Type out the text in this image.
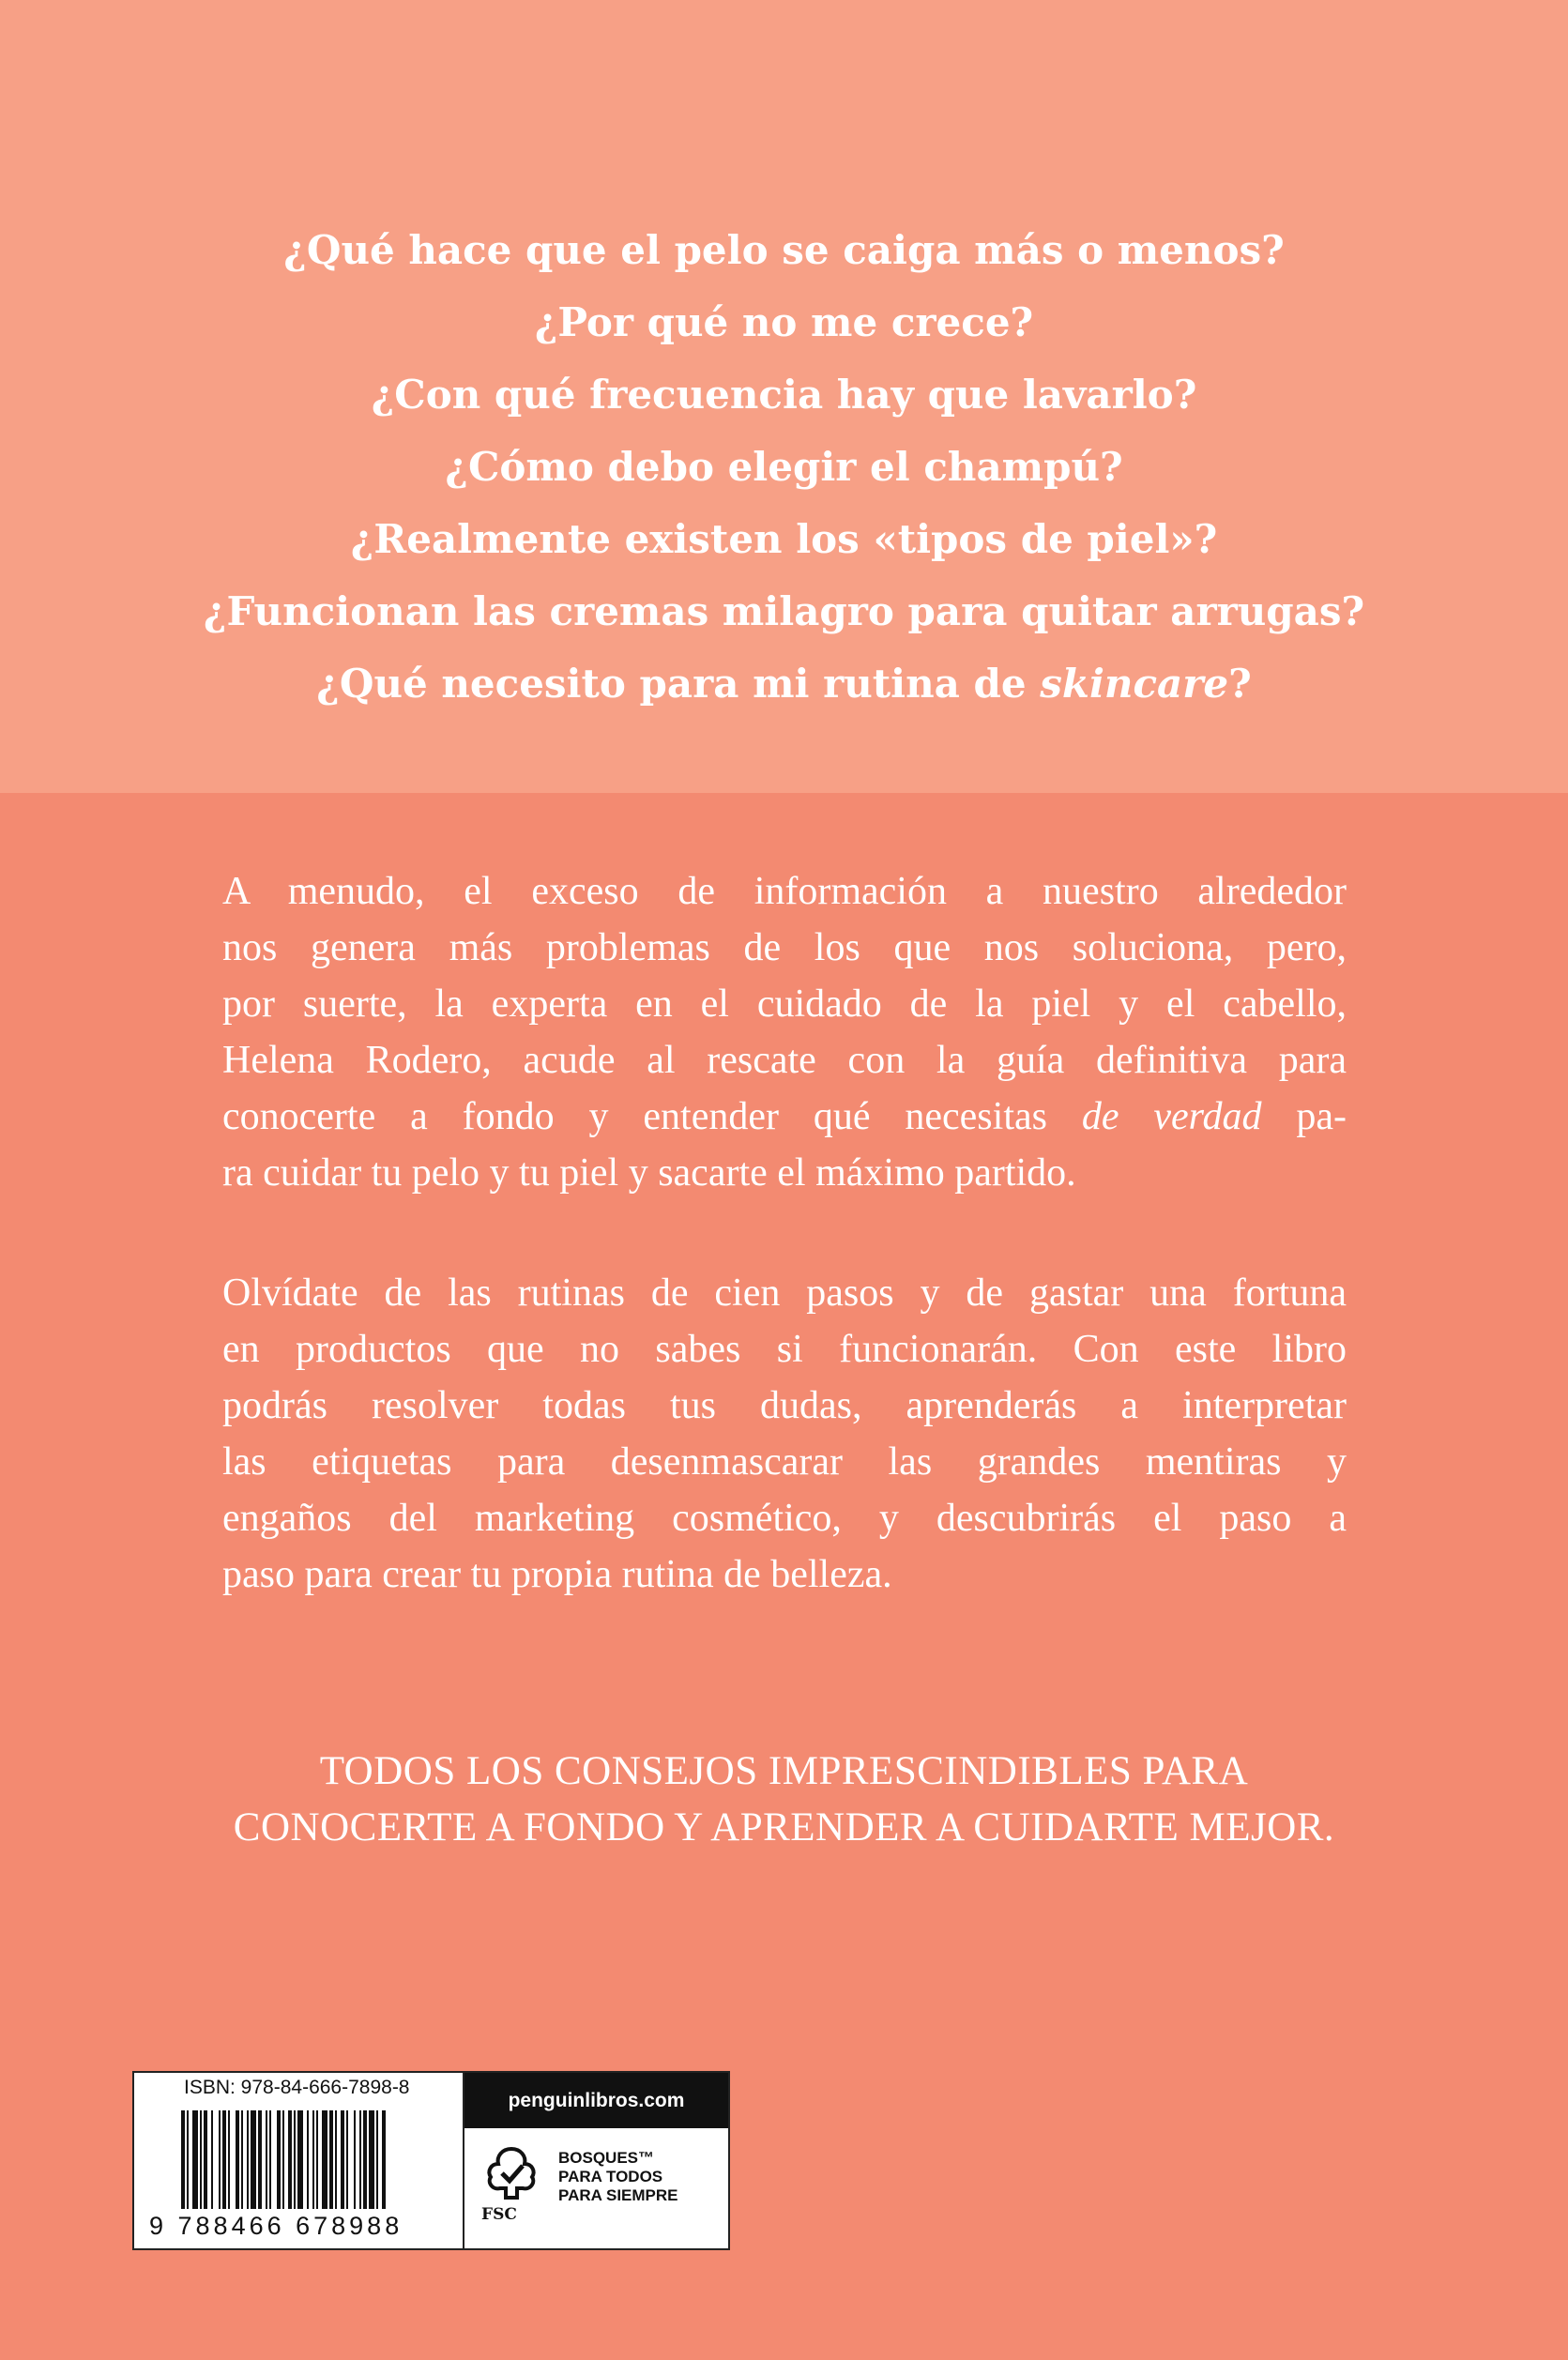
¿Qué hace que el pelo se caiga más o menos?
¿Por qué no me crece?
¿Con qué frecuencia hay que lavarlo?
¿Cómo debo elegir el champú?
¿Realmente existen los «tipos de piel»?
¿Funcionan las cremas milagro para quitar arrugas?
¿Qué necesito para mi rutina de skincare?

A menudo, el exceso de información a nuestro alrededor
nos genera más problemas de los que nos soluciona, pero,
por suerte, la experta en el cuidado de la piel y el cabello,
Helena Rodero, acude al rescate con la guía definitiva para
conocerte a fondo y entender qué necesitas de verdad pa-
ra cuidar tu pelo y tu piel y sacarte el máximo partido.

Olvídate de las rutinas de cien pasos y de gastar una fortuna
en productos que no sabes si funcionarán. Con este libro
podrás resolver todas tus dudas, aprenderás a interpretar
las etiquetas para desenmascarar las grandes mentiras y
engaños del marketing cosmético, y descubrirás el paso a
paso para crear tu propia rutina de belleza.

TODOS LOS CONSEJOS IMPRESCINDIBLES PARA
CONOCERTE A FONDO Y APRENDER A CUIDARTE MEJOR.
ISBN: 978-84-666-7898-8
9 788466 678988
penguinlibros.com
FSC
BOSQUES™
PARA TODOS
PARA SIEMPRE
